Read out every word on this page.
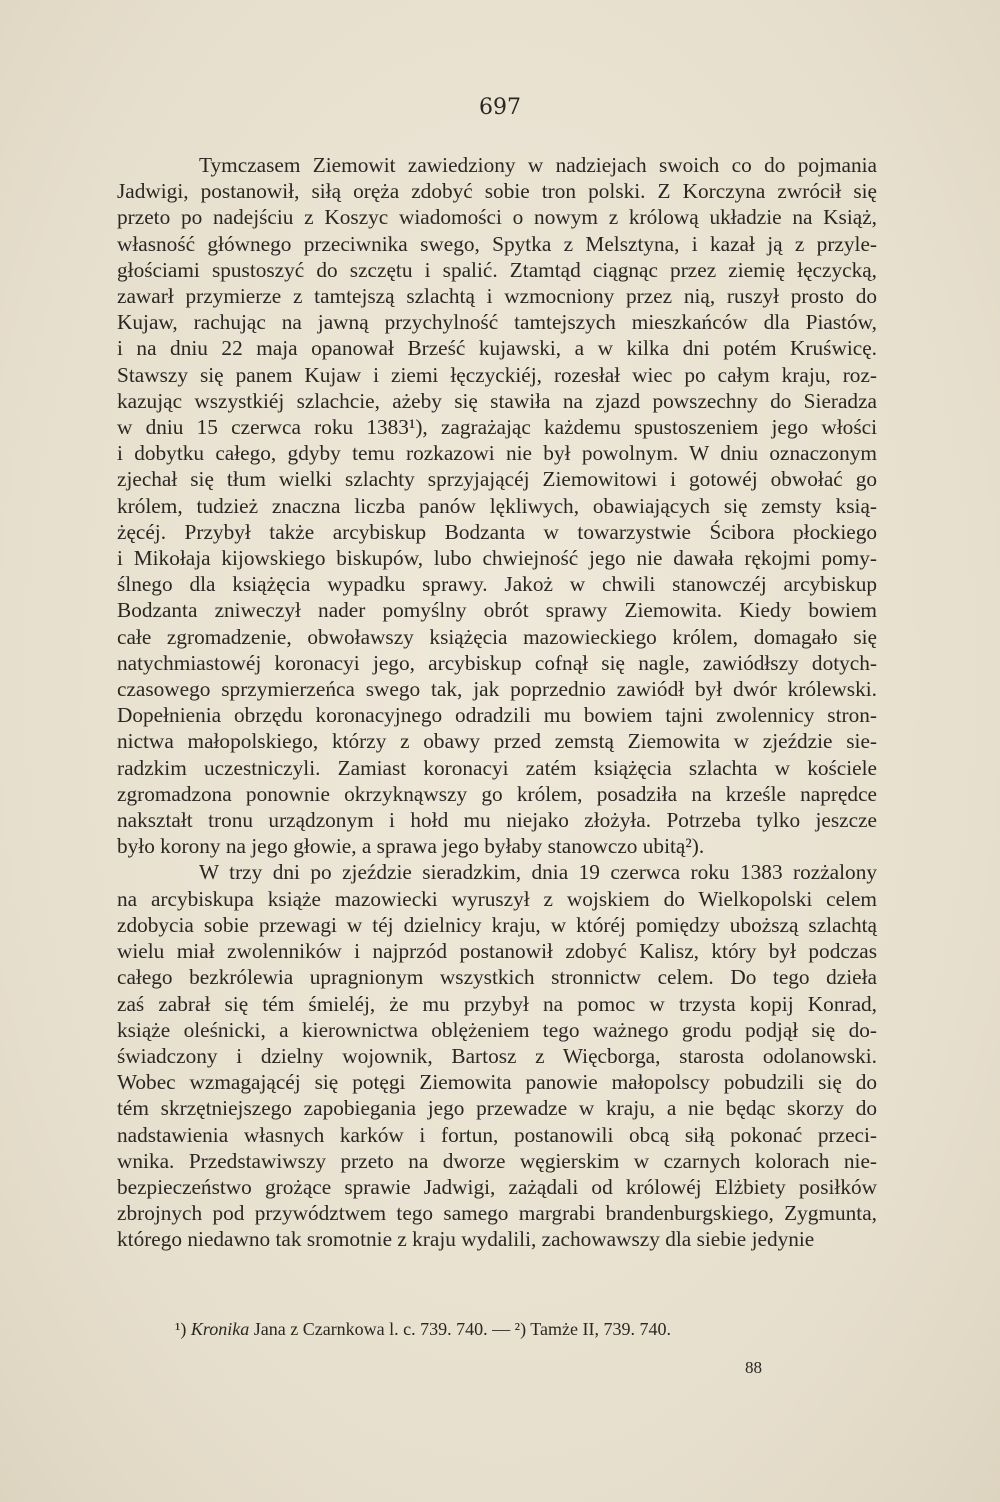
697
Tymczasem Ziemowit zawiedziony w nadziejach swoich co do pojmania
Jadwigi, postanowił, siłą oręża zdobyć sobie tron polski. Z Korczyna zwrócił się
przeto po nadejściu z Koszyc wiadomości o nowym z królową układzie na Książ,
własność głównego przeciwnika swego, Spytka z Melsztyna, i kazał ją z przyle-
głościami spustoszyć do szczętu i spalić. Ztamtąd ciągnąc przez ziemię łęczycką,
zawarł przymierze z tamtejszą szlachtą i wzmocniony przez nią, ruszył prosto do
Kujaw, rachując na jawną przychylność tamtejszych mieszkańców dla Piastów,
i na dniu 22 maja opanował Brześć kujawski, a w kilka dni potém Kruświcę.
Stawszy się panem Kujaw i ziemi łęczyckiéj, rozesłał wiec po całym kraju, roz-
kazując wszystkiéj szlachcie, ażeby się stawiła na zjazd powszechny do Sieradza
w dniu 15 czerwca roku 1383¹), zagrażając każdemu spustoszeniem jego włości
i dobytku całego, gdyby temu rozkazowi nie był powolnym. W dniu oznaczonym
zjechał się tłum wielki szlachty sprzyjającéj Ziemowitowi i gotowéj obwołać go
królem, tudzież znaczna liczba panów lękliwych, obawiających się zemsty ksią-
żęcéj. Przybył także arcybiskup Bodzanta w towarzystwie Ścibora płockiego
i Mikołaja kijowskiego biskupów, lubo chwiejność jego nie dawała rękojmi pomy-
ślnego dla książęcia wypadku sprawy. Jakoż w chwili stanowczéj arcybiskup
Bodzanta zniweczył nader pomyślny obrót sprawy Ziemowita. Kiedy bowiem
całe zgromadzenie, obwoławszy książęcia mazowieckiego królem, domagało się
natychmiastowéj koronacyi jego, arcybiskup cofnął się nagle, zawiódłszy dotych-
czasowego sprzymierzeńca swego tak, jak poprzednio zawiódł był dwór królewski.
Dopełnienia obrzędu koronacyjnego odradzili mu bowiem tajni zwolennicy stron-
nictwa małopolskiego, którzy z obawy przed zemstą Ziemowita w zjeździe sie-
radzkim uczestniczyli. Zamiast koronacyi zatém książęcia szlachta w kościele
zgromadzona ponownie okrzyknąwszy go królem, posadziła na krześle naprędce
nakształt tronu urządzonym i hołd mu niejako złożyła. Potrzeba tylko jeszcze
było korony na jego głowie, a sprawa jego byłaby stanowczo ubitą²).
W trzy dni po zjeździe sieradzkim, dnia 19 czerwca roku 1383 rozżalony
na arcybiskupa książe mazowiecki wyruszył z wojskiem do Wielkopolski celem
zdobycia sobie przewagi w téj dzielnicy kraju, w któréj pomiędzy uboższą szlachtą
wielu miał zwolenników i najprzód postanowił zdobyć Kalisz, który był podczas
całego bezkrólewia upragnionym wszystkich stronnictw celem. Do tego dzieła
zaś zabrał się tém śmieléj, że mu przybył na pomoc w trzysta kopij Konrad,
książe oleśnicki, a kierownictwa oblężeniem tego ważnego grodu podjął się do-
świadczony i dzielny wojownik, Bartosz z Więcborga, starosta odolanowski.
Wobec wzmagającéj się potęgi Ziemowita panowie małopolscy pobudzili się do
tém skrzętniejszego zapobiegania jego przewadze w kraju, a nie będąc skorzy do
nadstawienia własnych karków i fortun, postanowili obcą siłą pokonać przeci-
wnika. Przedstawiwszy przeto na dworze węgierskim w czarnych kolorach nie-
bezpieczeństwo grożące sprawie Jadwigi, zażądali od królowéj Elżbiety posiłków
zbrojnych pod przywództwem tego samego margrabi brandenburgskiego, Zygmunta,
którego niedawno tak sromotnie z kraju wydalili, zachowawszy dla siebie jedynie
¹) Kronika Jana z Czarnkowa l. c. 739. 740. — ²) Tamże II, 739. 740.
88
